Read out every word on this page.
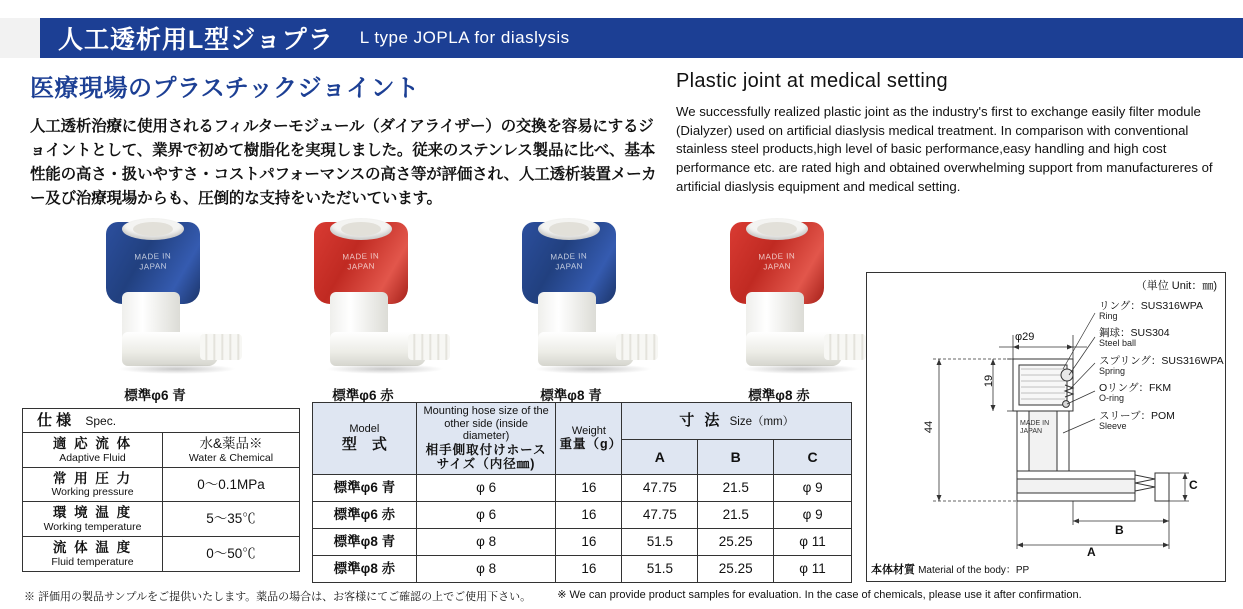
人工透析用L型ジョプラ L type JOPLA for diaslysis
医療現場のプラスチックジョイント
人工透析治療に使用されるフィルターモジュール（ダイアライザー）の交換を容易にするジョイントとして、業界で初めて樹脂化を実現しました。従来のステンレス製品に比べ、基本性能の高さ・扱いやすさ・コストパフォーマンスの高さ等が評価され、人工透析装置メーカー及び治療現場からも、圧倒的な支持をいただいています。
Plastic joint at medical setting
We successfully realized plastic joint as the industry's first to exchange easily filter module (Dialyzer) used on artificial diaslysis medical treatment. In comparison with conventional stainless steel products,high level of basic performance,easy handling and high cost performance etc. are rated high and obtained overwhelming support from manufactureres of artificial diaslysis equipment and medical setting.
MADE IN
JAPAN
標準φ6 青
MADE IN
JAPAN
標準φ6 赤
MADE IN
JAPAN
標準φ8 青
MADE IN
JAPAN
標準φ8 赤
仕 様 Spec.	

適 応 流 体
Adaptive Fluid

水&薬品※
Water & Chemical

常 用 圧 力
Working pressure	0〜0.1MPa

環 境 温 度
Working temperature	5〜35℃

流 体 温 度
Fluid temperature	0〜50℃
Model
型　式

Mounting hose size of the other side (inside diameter)
相手側取付けホース
サイズ（内径㎜)

Weight
重量（g）
	寸 法 Size（mm）
			A	B	C
標準φ6 青	φ 6	16	47.75	21.5	φ 9
標準φ6 赤	φ 6	16	47.75	21.5	φ 9
標準φ8 青	φ 8	16	51.5	25.25	φ 11
標準φ8 赤	φ 8	16	51.5	25.25	φ 11
（単位 Unit：㎜)
MADE IN
JAPAN
φ29
19
44
A
B
C
リング：SUS316WPA
Ring
鋼球：SUS304
Steel ball
スプリング：SUS316WPA
Spring
Oリング：FKM
O-ring
スリーブ：POM
Sleeve
本体材質 Material of the body：PP
※ 評価用の製品サンプルをご提供いたします。薬品の場合は、お客様にてご確認の上でご使用下さい。 ※ We can provide product samples for evaluation. In the case of chemicals, please use it after confirmation.
